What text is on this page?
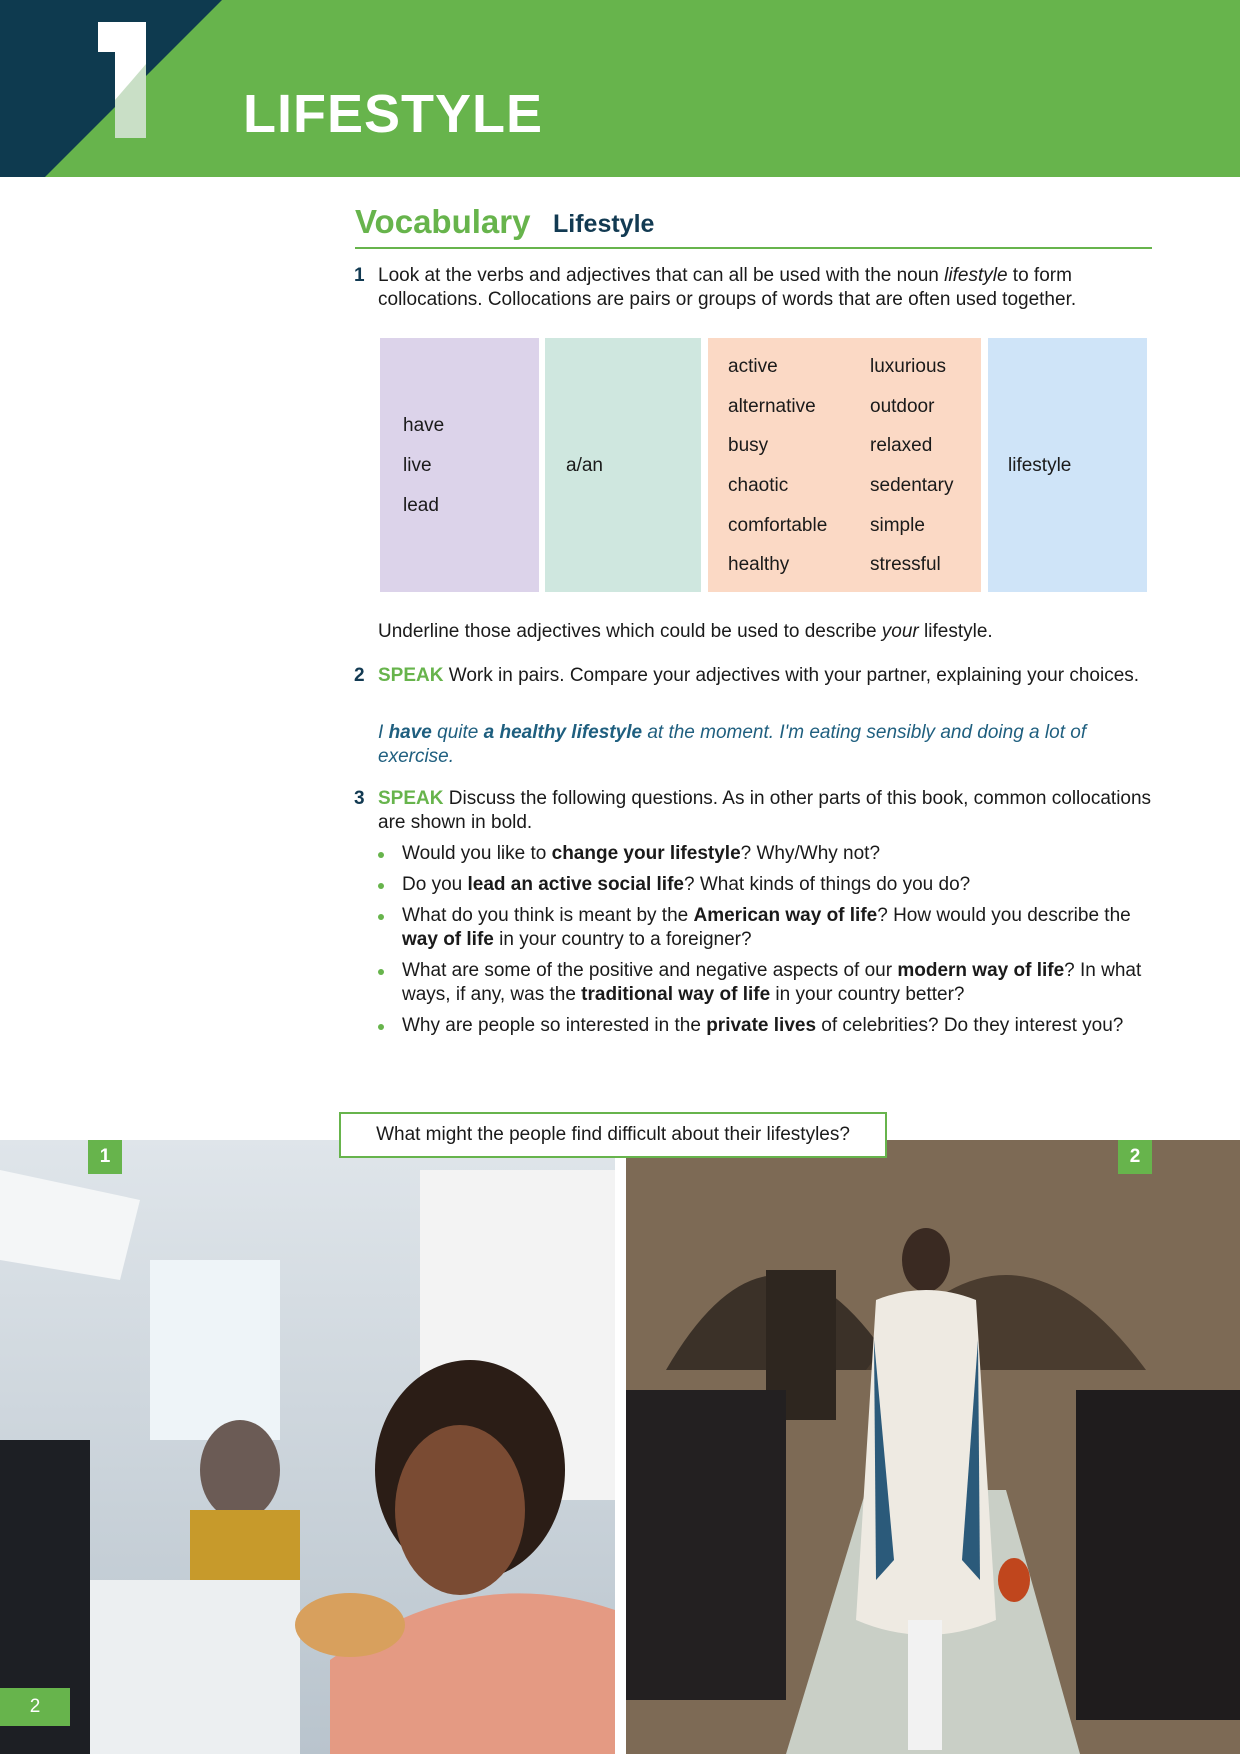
LIFESTYLE
Vocabulary Lifestyle
1 Look at the verbs and adjectives that can all be used with the noun lifestyle to form collocations. Collocations are pairs or groups of words that are often used together.
have
live
lead
a/an
active
alternative
busy
chaotic
comfortable
healthy
luxurious
outdoor
relaxed
sedentary
simple
stressful
lifestyle
Underline those adjectives which could be used to describe your lifestyle.
2 SPEAK Work in pairs. Compare your adjectives with your partner, explaining your choices.
I have quite a healthy lifestyle at the moment. I'm eating sensibly and doing a lot of exercise.
3 SPEAK Discuss the following questions. As in other parts of this book, common collocations are shown in bold.
Would you like to change your lifestyle? Why/Why not?
Do you lead an active social life? What kinds of things do you do?
What do you think is meant by the American way of life? How would you describe the way of life in your country to a foreigner?
What are some of the positive and negative aspects of our modern way of life? In what ways, if any, was the traditional way of life in your country better?
Why are people so interested in the private lives of celebrities? Do they interest you?
1	2
What might the people find difficult about their lifestyles?
2
